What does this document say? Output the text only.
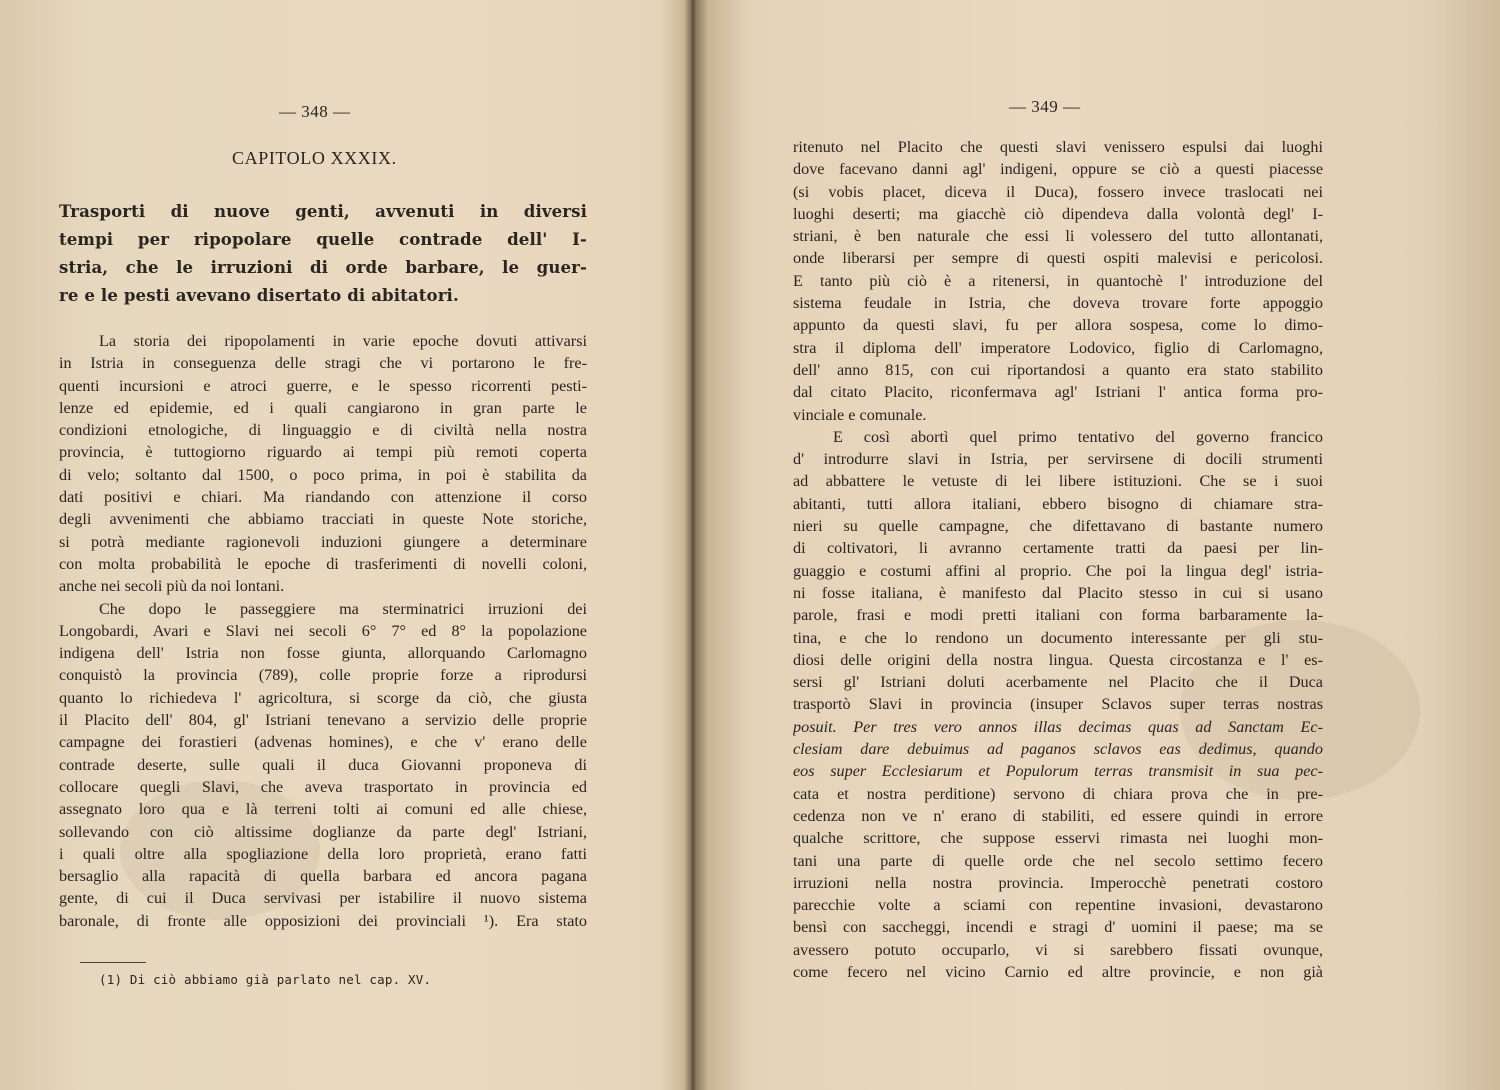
— 348 —
CAPITOLO XXXIX.
Trasporti di nuove genti, avvenuti in diversi
tempi per ripopolare quelle contrade dell' I-
stria, che le irruzioni di orde barbare, le guer-
re e le pesti avevano disertato di abitatori.
La storia dei ripopolamenti in varie epoche dovuti attivarsi
in Istria in conseguenza delle stragi che vi portarono le fre-
quenti incursioni e atroci guerre, e le spesso ricorrenti pesti-
lenze ed epidemie, ed i quali cangiarono in gran parte le
condizioni etnologiche, di linguaggio e di civiltà nella nostra
provincia, è tuttogiorno riguardo ai tempi più remoti coperta
di velo; soltanto dal 1500, o poco prima, in poi è stabilita da
dati positivi e chiari. Ma riandando con attenzione il corso
degli avvenimenti che abbiamo tracciati in queste Note storiche,
si potrà mediante ragionevoli induzioni giungere a determinare
con molta probabilità le epoche di trasferimenti di novelli coloni,
anche nei secoli più da noi lontani.
Che dopo le passeggiere ma sterminatrici irruzioni dei
Longobardi, Avari e Slavi nei secoli 6° 7° ed 8° la popolazione
indigena dell' Istria non fosse giunta, allorquando Carlomagno
conquistò la provincia (789), colle proprie forze a riprodursi
quanto lo richiedeva l' agricoltura, si scorge da ciò, che giusta
il Placito dell' 804, gl' Istriani tenevano a servizio delle proprie
campagne dei forastieri (advenas homines), e che v' erano delle
contrade deserte, sulle quali il duca Giovanni proponeva di
collocare quegli Slavi, che aveva trasportato in provincia ed
assegnato loro qua e là terreni tolti ai comuni ed alle chiese,
sollevando con ciò altissime doglianze da parte degl' Istriani,
i quali oltre alla spogliazione della loro proprietà, erano fatti
bersaglio alla rapacità di quella barbara ed ancora pagana
gente, di cui il Duca servivasi per istabilire il nuovo sistema
baronale, di fronte alle opposizioni dei provinciali ¹). Era stato
(1) Di ciò abbiamo già parlato nel cap. XV.
— 349 —
ritenuto nel Placito che questi slavi venissero espulsi dai luoghi
dove facevano danni agl' indigeni, oppure se ciò a questi piacesse
(si vobis placet, diceva il Duca), fossero invece traslocati nei
luoghi deserti; ma giacchè ciò dipendeva dalla volontà degl' I-
striani, è ben naturale che essi li volessero del tutto allontanati,
onde liberarsi per sempre di questi ospiti malevisi e pericolosi.
E tanto più ciò è a ritenersi, in quantochè l' introduzione del
sistema feudale in Istria, che doveva trovare forte appoggio
appunto da questi slavi, fu per allora sospesa, come lo dimo-
stra il diploma dell' imperatore Lodovico, figlio di Carlomagno,
dell' anno 815, con cui riportandosi a quanto era stato stabilito
dal citato Placito, riconfermava agl' Istriani l' antica forma pro-
vinciale e comunale.
E così abortì quel primo tentativo del governo francico
d' introdurre slavi in Istria, per servirsene di docili strumenti
ad abbattere le vetuste di lei libere istituzioni. Che se i suoi
abitanti, tutti allora italiani, ebbero bisogno di chiamare stra-
nieri su quelle campagne, che difettavano di bastante numero
di coltivatori, li avranno certamente tratti da paesi per lin-
guaggio e costumi affini al proprio. Che poi la lingua degl' istria-
ni fosse italiana, è manifesto dal Placito stesso in cui si usano
parole, frasi e modi pretti italiani con forma barbaramente la-
tina, e che lo rendono un documento interessante per gli stu-
diosi delle origini della nostra lingua. Questa circostanza e l' es-
sersi gl' Istriani doluti acerbamente nel Placito che il Duca
trasportò Slavi in provincia (insuper Sclavos super terras nostras
posuit. Per tres vero annos illas decimas quas ad Sanctam Ec-
clesiam dare debuimus ad paganos sclavos eas dedimus, quando
eos super Ecclesiarum et Populorum terras transmisit in sua pec-
cata et nostra perditione) servono di chiara prova che in pre-
cedenza non ve n' erano di stabiliti, ed essere quindi in errore
qualche scrittore, che suppose esservi rimasta nei luoghi mon-
tani una parte di quelle orde che nel secolo settimo fecero
irruzioni nella nostra provincia. Imperocchè penetrati costoro
parecchie volte a sciami con repentine invasioni, devastarono
bensì con saccheggi, incendi e stragi d' uomini il paese; ma se
avessero potuto occuparlo, vi si sarebbero fissati ovunque,
come fecero nel vicino Carnio ed altre provincie, e non già
